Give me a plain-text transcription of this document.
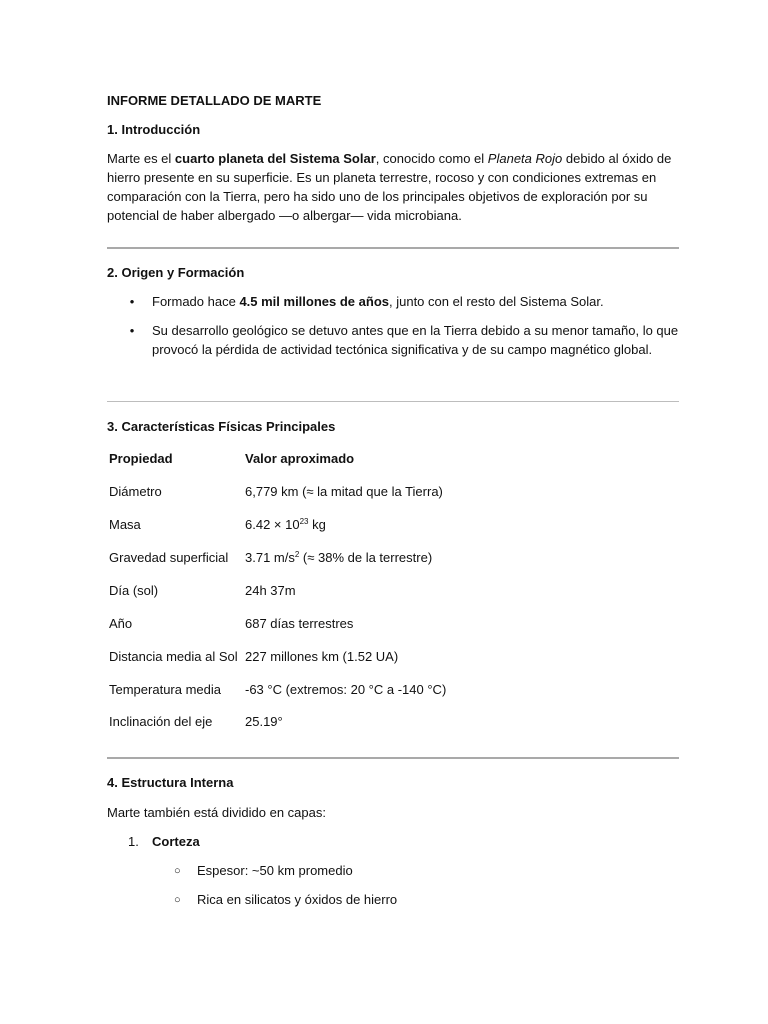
INFORME DETALLADO DE MARTE
1. Introducción

Marte es el cuarto planeta del Sistema Solar, conocido como el Planeta Rojo debido al óxido de hierro presente en su superficie. Es un planeta terrestre, rocoso y con condiciones extremas en comparación con la Tierra, pero ha sido uno de los principales objetivos de exploración por su potencial de haber albergado —o albergar— vida microbiana.

2. Origen y Formación
•

Formado hace 4.5 mil millones de años, junto con el resto del Sistema Solar.

•

Su desarrollo geológico se detuvo antes que en la Tierra debido a su menor tamaño, lo que provocó la pérdida de actividad tectónica significativa y de su campo magnético global.

3. Características Físicas Principales
Propiedad	Valor aproximado
Diámetro	6,779 km (≈ la mitad que la Tierra)
Masa	$6.42 \times 10^{23}$ kg
Gravedad superficial 3.71 $m/s^2$ (≈ 38% de la terrestre)
Día (sol)	24h 37m
Año	687 días terrestres
Distancia media al Sol 227 millones km (1.52 UA)
Temperatura media -63 °C (extremos: 20 °C a -140 °C)
Inclinación del eje	25.19°
4. Estructura Interna
Marte también está dividido en capas:
1. Corteza
○
Espesor: ~50 km promedio
○
Rica en silicatos y óxidos de hierro
